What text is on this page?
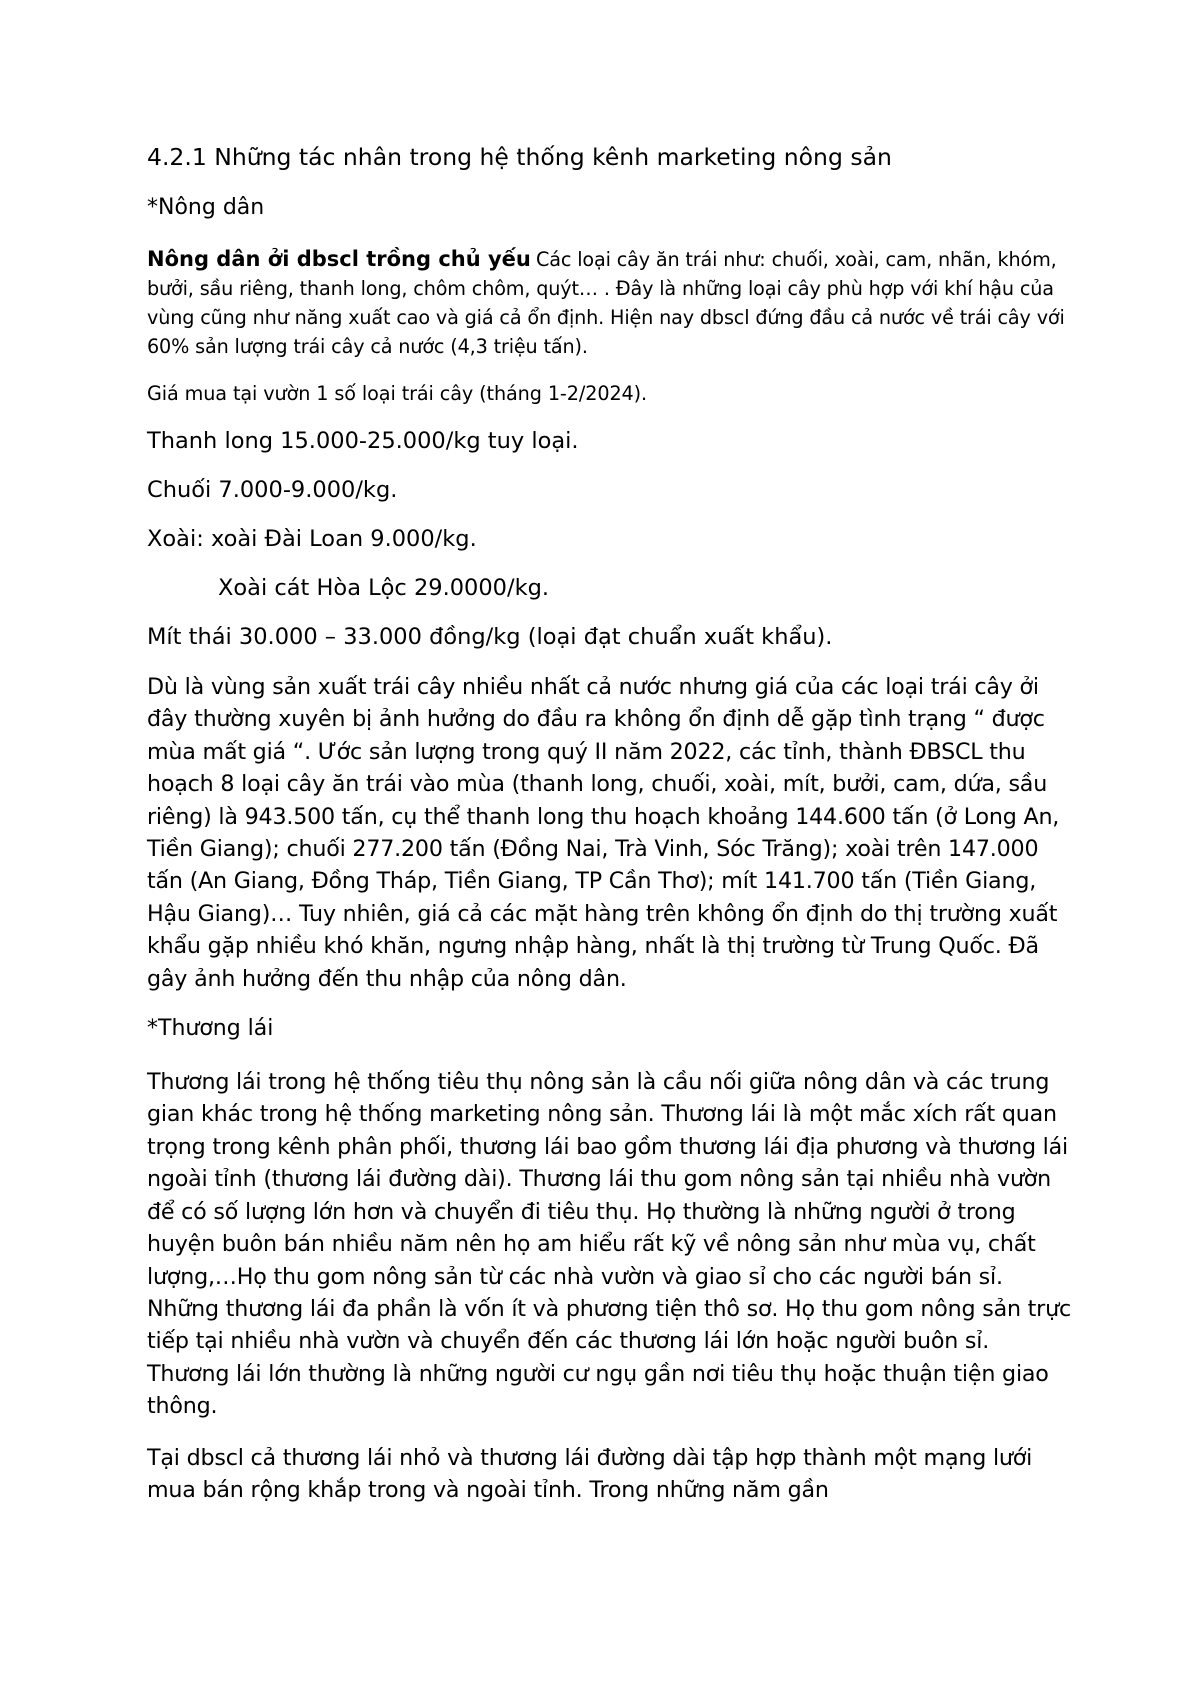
4.2.1 Những tác nhân trong hệ thống kênh marketing nông sản

*Nông dân

Nông dân ởi dbscl trồng chủ yếu Các loại cây ăn trái như: chuối, xoài, cam, nhãn, khóm, bưởi, sầu riêng, thanh long, chôm chôm, quýt… . Đây là những loại cây phù hợp với khí hậu của vùng cũng như năng xuất cao và giá cả ổn định. Hiện nay dbscl đứng đầu cả nước về trái cây với 60% sản lượng trái cây cả nước (4,3 triệu tấn).

Giá mua tại vườn 1 số loại trái cây (tháng 1-2/2024).

Thanh long 15.000-25.000/kg tuy loại.

Chuối 7.000-9.000/kg.

Xoài: xoài Đài Loan 9.000/kg.

Xoài cát Hòa Lộc 29.0000/kg.

Mít thái 30.000 – 33.000 đồng/kg (loại đạt chuẩn xuất khẩu).

Dù là vùng sản xuất trái cây nhiều nhất cả nước nhưng giá của các loại trái cây ởi đây thường xuyên bị ảnh hưởng do đầu ra không ổn định dễ gặp tình trạng “ được mùa mất giá “. Ước sản lượng trong quý II năm 2022, các tỉnh, thành ĐBSCL thu hoạch 8 loại cây ăn trái vào mùa (thanh long, chuối, xoài, mít, bưởi, cam, dứa, sầu riêng) là 943.500 tấn, cụ thể thanh long thu hoạch khoảng 144.600 tấn (ở Long An, Tiền Giang); chuối 277.200 tấn (Đồng Nai, Trà Vinh, Sóc Trăng); xoài trên 147.000 tấn (An Giang, Đồng Tháp, Tiền Giang, TP Cần Thơ); mít 141.700 tấn (Tiền Giang, Hậu Giang)… Tuy nhiên, giá cả các mặt hàng trên không ổn định do thị trường xuất khẩu gặp nhiều khó khăn, ngưng nhập hàng, nhất là thị trường từ Trung Quốc. Đã gây ảnh hưởng đến thu nhập của nông dân.

*Thương lái

Thương lái trong hệ thống tiêu thụ nông sản là cầu nối giữa nông dân và các trung gian khác trong hệ thống marketing nông sản. Thương lái là một mắc xích rất quan trọng trong kênh phân phối, thương lái bao gồm thương lái địa phương và thương lái ngoài tỉnh (thương lái đường dài). Thương lái thu gom nông sản tại nhiều nhà vườn để có số lượng lớn hơn và chuyển đi tiêu thụ. Họ thường là những người ở trong huyện buôn bán nhiều năm nên họ am hiểu rất kỹ về nông sản như mùa vụ, chất lượng,…Họ thu gom nông sản từ các nhà vườn và giao sỉ cho các người bán sỉ. Những thương lái đa phần là vốn ít và phương tiện thô sơ. Họ thu gom nông sản trực tiếp tại nhiều nhà vườn và chuyển đến các thương lái lớn hoặc người buôn sỉ. Thương lái lớn thường là những người cư ngụ gần nơi tiêu thụ hoặc thuận tiện giao thông.

Tại dbscl cả thương lái nhỏ và thương lái đường dài tập hợp thành một mạng lưới mua bán rộng khắp trong và ngoài tỉnh. Trong những năm gần
